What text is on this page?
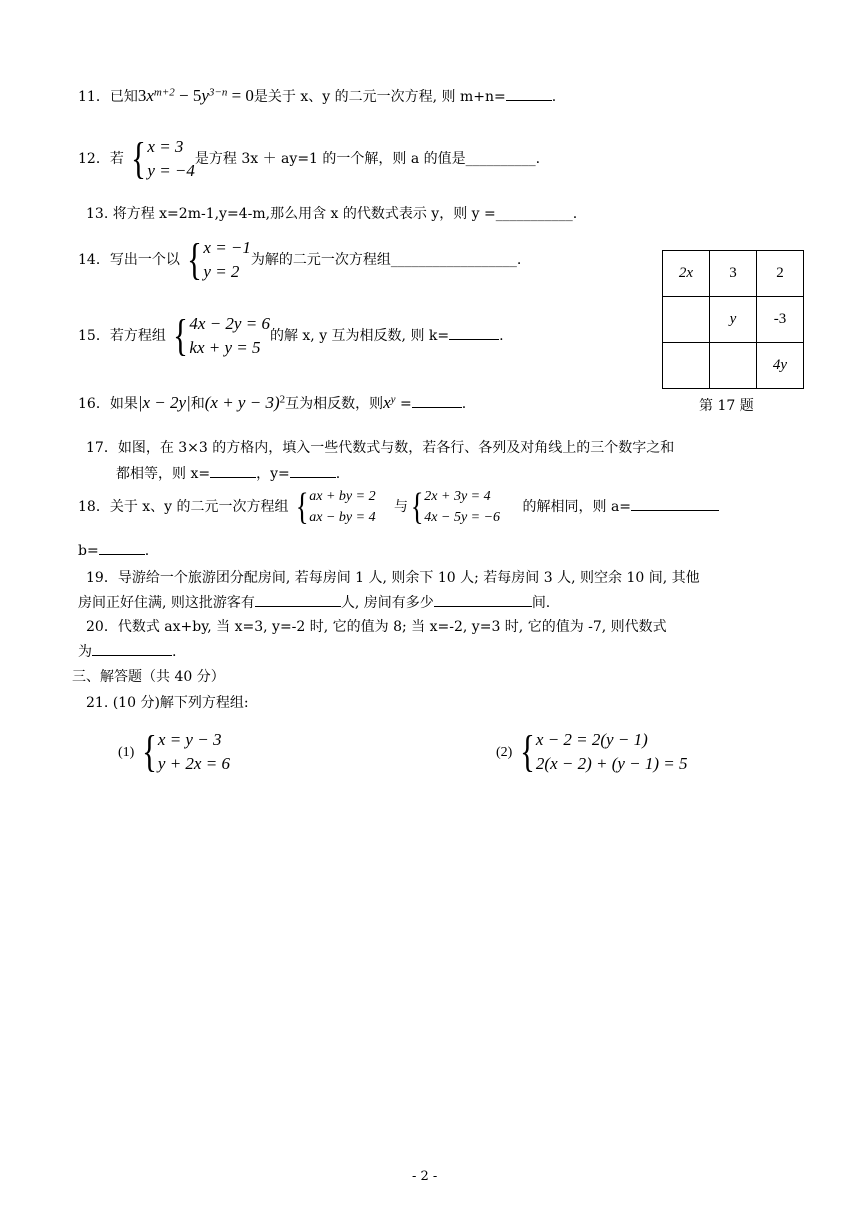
11．已知$3x^{m+2} - 5y^{3-n} = 0$是关于 x、y 的二元一次方程, 则 m+n=	.
12．若 { x = 3
y = −4
是方程 3x ＋ ay=1 的一个解，则 a 的值是__________.
13. 将方程 x=2m-1,y=4-m,那么用含 x 的代数式表示 y，则 y =___________.
14．写出一个以 { x = −1
y = 2
为解的二元一次方程组__________________.
15．若方程组 { 4x − 2y = 6
kx + y = 5
的解 x, y 互为相反数, 则 k=	.
16．如果|x − 2y|和$(x + y - 3)^2$互为相反数，则$x^y$ =	.
2x	3	2
	y	-3
		4y
第 17 题
17．如图，在 3×3 的方格内，填入一些代数式与数，若各行、各列及对角线上的三个数字之和
都相等，则 x=	，y=	.
18．关于 x、y 的二元一次方程组 { ax + by = 2
ax − by = 4
与 { 2x + 3y = 4
4x − 5y = −6
的解相同，则 a=
b=	.
19．导游给一个旅游团分配房间, 若每房间 1 人, 则余下 10 人; 若每房间 3 人, 则空余 10 间, 其他
房间正好住满, 则这批游客有	人, 房间有多少	间.
20．代数式 ax+by, 当 x=3, y=-2 时, 它的值为 8; 当 x=-2, y=3 时, 它的值为 -7, 则代数式
为	.
三、解答题（共 40 分）
21. (10 分)解下列方程组:
(1) { x = y − 3
y + 2x = 6
(2) { x − 2 = 2(y − 1)
2(x − 2) + (y − 1) = 5
- 2 -
